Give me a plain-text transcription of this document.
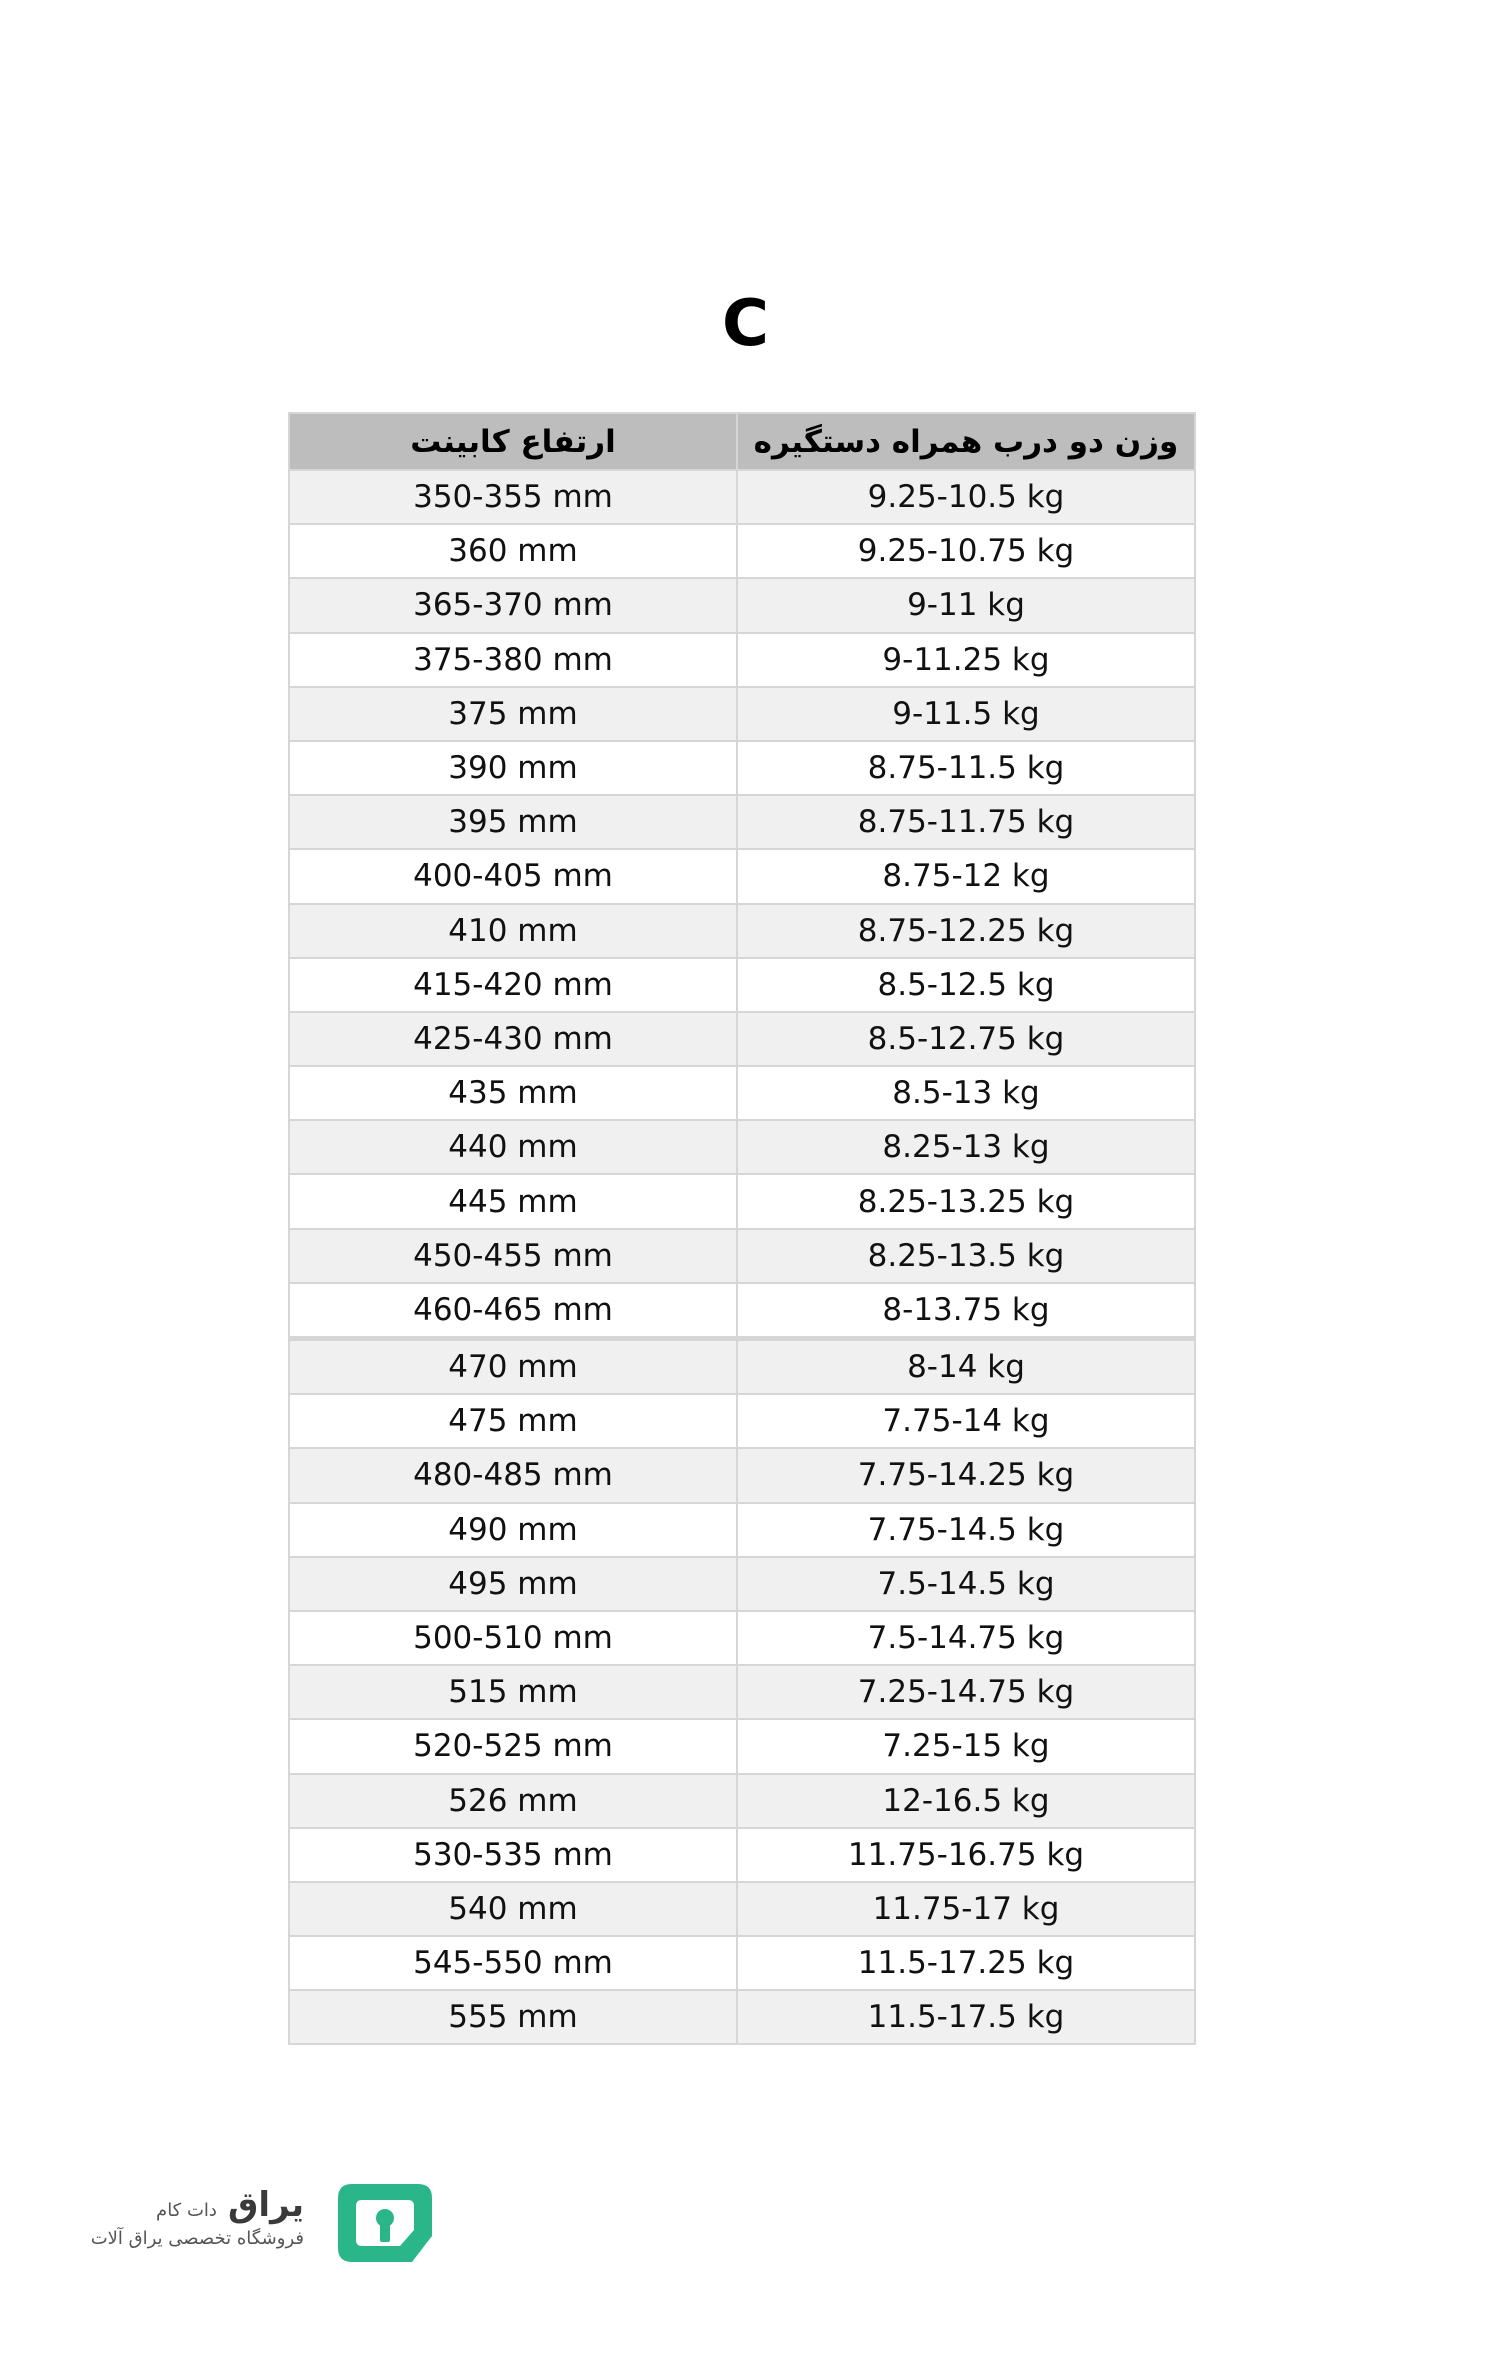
C
ارتفاع کابینت	وزن دو درب همراه دستگیره
350-355 mm	9.25-10.5 kg
360 mm	9.25-10.75 kg
365-370 mm	9-11 kg
375-380 mm	9-11.25 kg
375 mm	9-11.5 kg
390 mm	8.75-11.5 kg
395 mm	8.75-11.75 kg
400-405 mm	8.75-12 kg
410 mm	8.75-12.25 kg
415-420 mm	8.5-12.5 kg
425-430 mm	8.5-12.75 kg
435 mm	8.5-13 kg
440 mm	8.25-13 kg
445 mm	8.25-13.25 kg
450-455 mm	8.25-13.5 kg
460-465 mm	8-13.75 kg
470 mm	8-14 kg
475 mm	7.75-14 kg
480-485 mm	7.75-14.25 kg
490 mm	7.75-14.5 kg
495 mm	7.5-14.5 kg
500-510 mm	7.5-14.75 kg
515 mm	7.25-14.75 kg
520-525 mm	7.25-15 kg
526 mm	12-16.5 kg
530-535 mm	11.75-16.75 kg
540 mm	11.75-17 kg
545-550 mm	11.5-17.25 kg
555 mm	11.5-17.5 kg
یراق دات کام
فروشگاه تخصصی یراق آلات
